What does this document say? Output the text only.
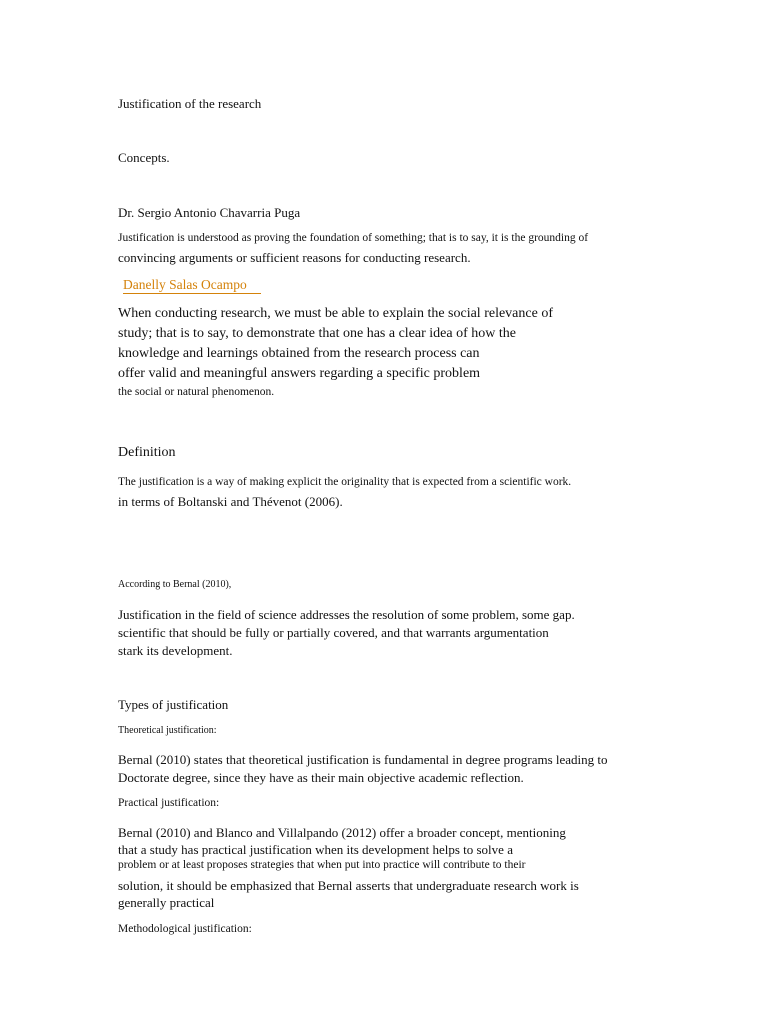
Justification of the research
Concepts.
Dr. Sergio Antonio Chavarria Puga
Justification is understood as proving the foundation of something; that is to say, it is the grounding of
convincing arguments or sufficient reasons for conducting research.
Danelly Salas Ocampo
When conducting research, we must be able to explain the social relevance of
study; that is to say, to demonstrate that one has a clear idea of how the
knowledge and learnings obtained from the research process can
offer valid and meaningful answers regarding a specific problem
the social or natural phenomenon.
Definition
The justification is a way of making explicit the originality that is expected from a scientific work.
in terms of Boltanski and Thévenot (2006).
According to Bernal (2010),
Justification in the field of science addresses the resolution of some problem, some gap.
scientific that should be fully or partially covered, and that warrants argumentation
stark its development.
Types of justification
Theoretical justification:
Bernal (2010) states that theoretical justification is fundamental in degree programs leading to
Doctorate degree, since they have as their main objective academic reflection.
Practical justification:
Bernal (2010) and Blanco and Villalpando (2012) offer a broader concept, mentioning
that a study has practical justification when its development helps to solve a
problem or at least proposes strategies that when put into practice will contribute to their
solution, it should be emphasized that Bernal asserts that undergraduate research work is
generally practical
Methodological justification:
